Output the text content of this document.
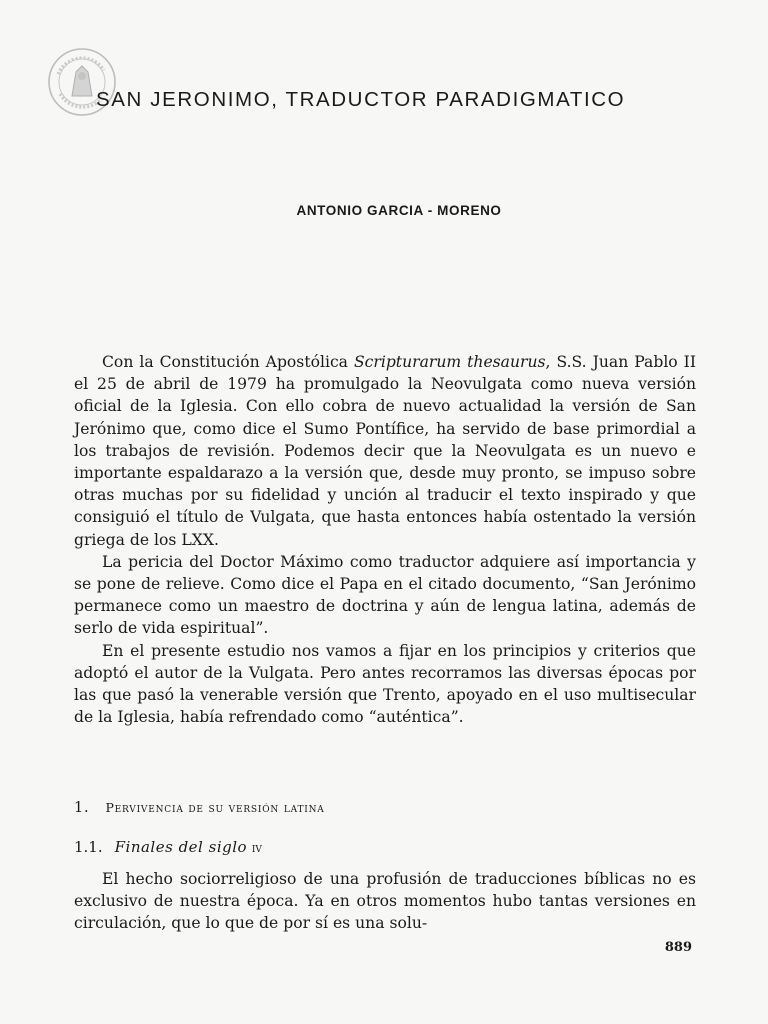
SAN JERONIMO, TRADUCTOR PARADIGMATICO
ANTONIO GARCIA - MORENO

Con la Constitución Apostólica Scripturarum thesaurus, S.S. Juan Pablo II el 25 de abril de 1979 ha promulgado la Neovulgata como nueva versión oficial de la Iglesia. Con ello cobra de nuevo actualidad la versión de San Jerónimo que, como dice el Sumo Pontífice, ha servido de base primordial a los trabajos de revisión. Podemos decir que la Neovulgata es un nuevo e importante espaldarazo a la versión que, desde muy pronto, se impuso sobre otras muchas por su fidelidad y unción al traducir el texto inspirado y que consiguió el título de Vulgata, que hasta entonces había ostentado la versión griega de los LXX.

La pericia del Doctor Máximo como traductor adquiere así importancia y se pone de relieve. Como dice el Papa en el citado documento, “San Jerónimo permanece como un maestro de doctrina y aún de lengua latina, además de serlo de vida espiritual”.

En el presente estudio nos vamos a fijar en los principios y criterios que adoptó el autor de la Vulgata. Pero antes recorramos las diversas épocas por las que pasó la venerable versión que Trento, apoyado en el uso multisecular de la Iglesia, había refrendado como “auténtica”.

1. Pervivencia de su versión latina
1.1. Finales del siglo iv

El hecho sociorreligioso de una profusión de traducciones bíblicas no es exclusivo de nuestra época. Ya en otros momentos hubo tantas versiones en circulación, que lo que de por sí es una solu-

889
